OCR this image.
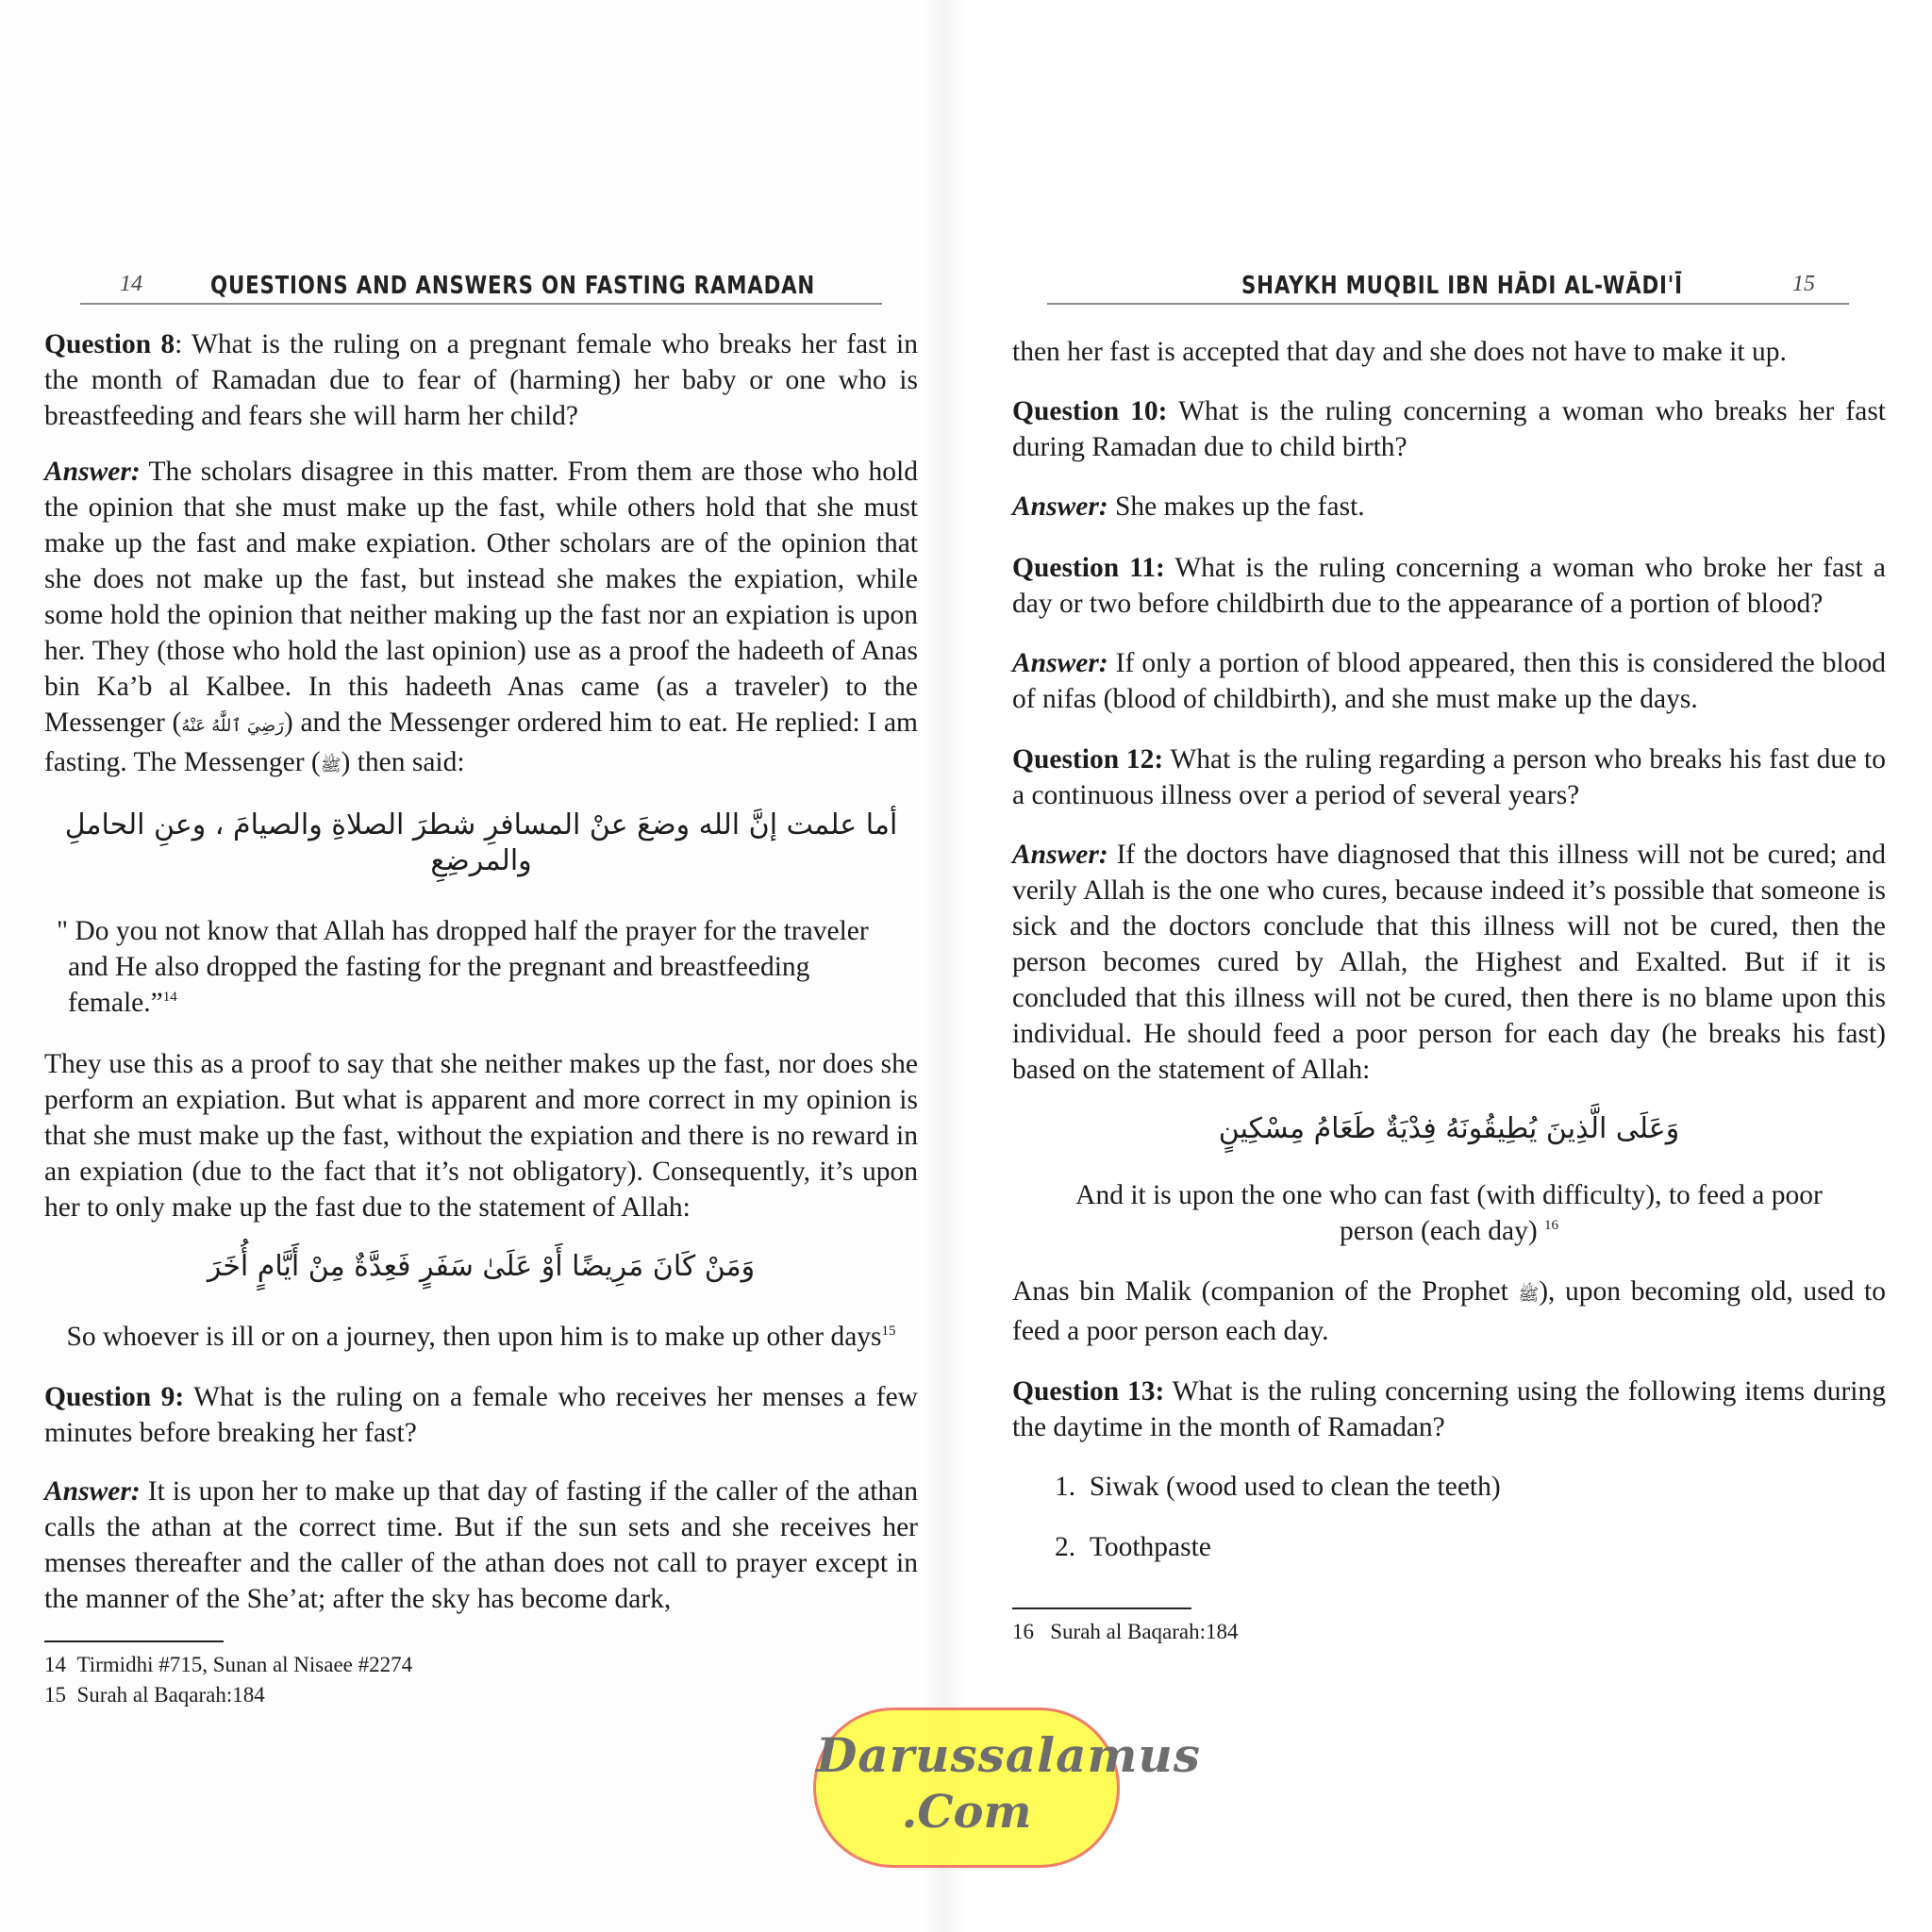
14	QUESTIONS AND ANSWERS ON FASTING RAMADAN
Question 8: What is the ruling on a pregnant female who breaks her fast in the month of Ramadan due to fear of (harming) her baby or one who is breastfeeding and fears she will harm her child?
Answer: The scholars disagree in this matter. From them are those who hold the opinion that she must make up the fast, while others hold that she must make up the fast and make expiation. Other scholars are of the opinion that she does not make up the fast, but instead she makes the expiation, while some hold the opinion that neither making up the fast nor an expiation is upon her. They (those who hold the last opinion) use as a proof the hadeeth of Anas bin Ka’b al Kalbee. In this hadeeth Anas came (as a traveler) to the Messenger (رَضِيَ ٱللَّٰهُ عَنْهُ) and the Messenger ordered him to eat. He replied: I am fasting. The Messenger (ﷺ) then said:
أما علمت إنَّ الله وضعَ عنْ المسافرِ شطرَ الصلاةِ والصيامَ ، وعنِ الحاملِ والمرضِعِ
" Do you not know that Allah has dropped half the prayer for the traveler and He also dropped the fasting for the pregnant and breastfeeding female.”$^{14}$
They use this as a proof to say that she neither makes up the fast, nor does she perform an expiation. But what is apparent and more correct in my opinion is that she must make up the fast, without the expiation and there is no reward in an expiation (due to the fact that it’s not obligatory). Consequently, it’s upon her to only make up the fast due to the statement of Allah:
وَمَنْ كَانَ مَرِيضًا أَوْ عَلَىٰ سَفَرٍ فَعِدَّةٌ مِنْ أَيَّامٍ أُخَرَ
So whoever is ill or on a journey, then upon him is to make up other days$^{15}$
Question 9: What is the ruling on a female who receives her menses a few minutes before breaking her fast?
Answer: It is upon her to make up that day of fasting if the caller of the athan calls the athan at the correct time. But if the sun sets and she receives her menses thereafter and the caller of the athan does not call to prayer except in the manner of the She’at; after the sky has become dark,
14 Tirmidhi #715, Sunan al Nisaee #2274
15 Surah al Baqarah:184
SHAYKH MUQBIL IBN HĀDI AL-WĀDI'Ī	15
then her fast is accepted that day and she does not have to make it up.
Question 10: What is the ruling concerning a woman who breaks her fast during Ramadan due to child birth?
Answer: She makes up the fast.
Question 11: What is the ruling concerning a woman who broke her fast a day or two before childbirth due to the appearance of a portion of blood?
Answer: If only a portion of blood appeared, then this is considered the blood of nifas (blood of childbirth), and she must make up the days.
Question 12: What is the ruling regarding a person who breaks his fast due to a continuous illness over a period of several years?
Answer: If the doctors have diagnosed that this illness will not be cured; and verily Allah is the one who cures, because indeed it’s possible that someone is sick and the doctors conclude that this illness will not be cured, then the person becomes cured by Allah, the Highest and Exalted. But if it is concluded that this illness will not be cured, then there is no blame upon this individual. He should feed a poor person for each day (he breaks his fast) based on the statement of Allah:
وَعَلَى الَّذِينَ يُطِيقُونَهُ فِدْيَةٌ طَعَامُ مِسْكِينٍ
And it is upon the one who can fast (with difficulty), to feed a poor person (each day) $^{16}$
Anas bin Malik (companion of the Prophet ﷺ), upon becoming old, used to feed a poor person each day.
Question 13: What is the ruling concerning using the following items during the daytime in the month of Ramadan?
1. Siwak (wood used to clean the teeth)
2. Toothpaste
16 Surah al Baqarah:184
Darussalamus
.Com
